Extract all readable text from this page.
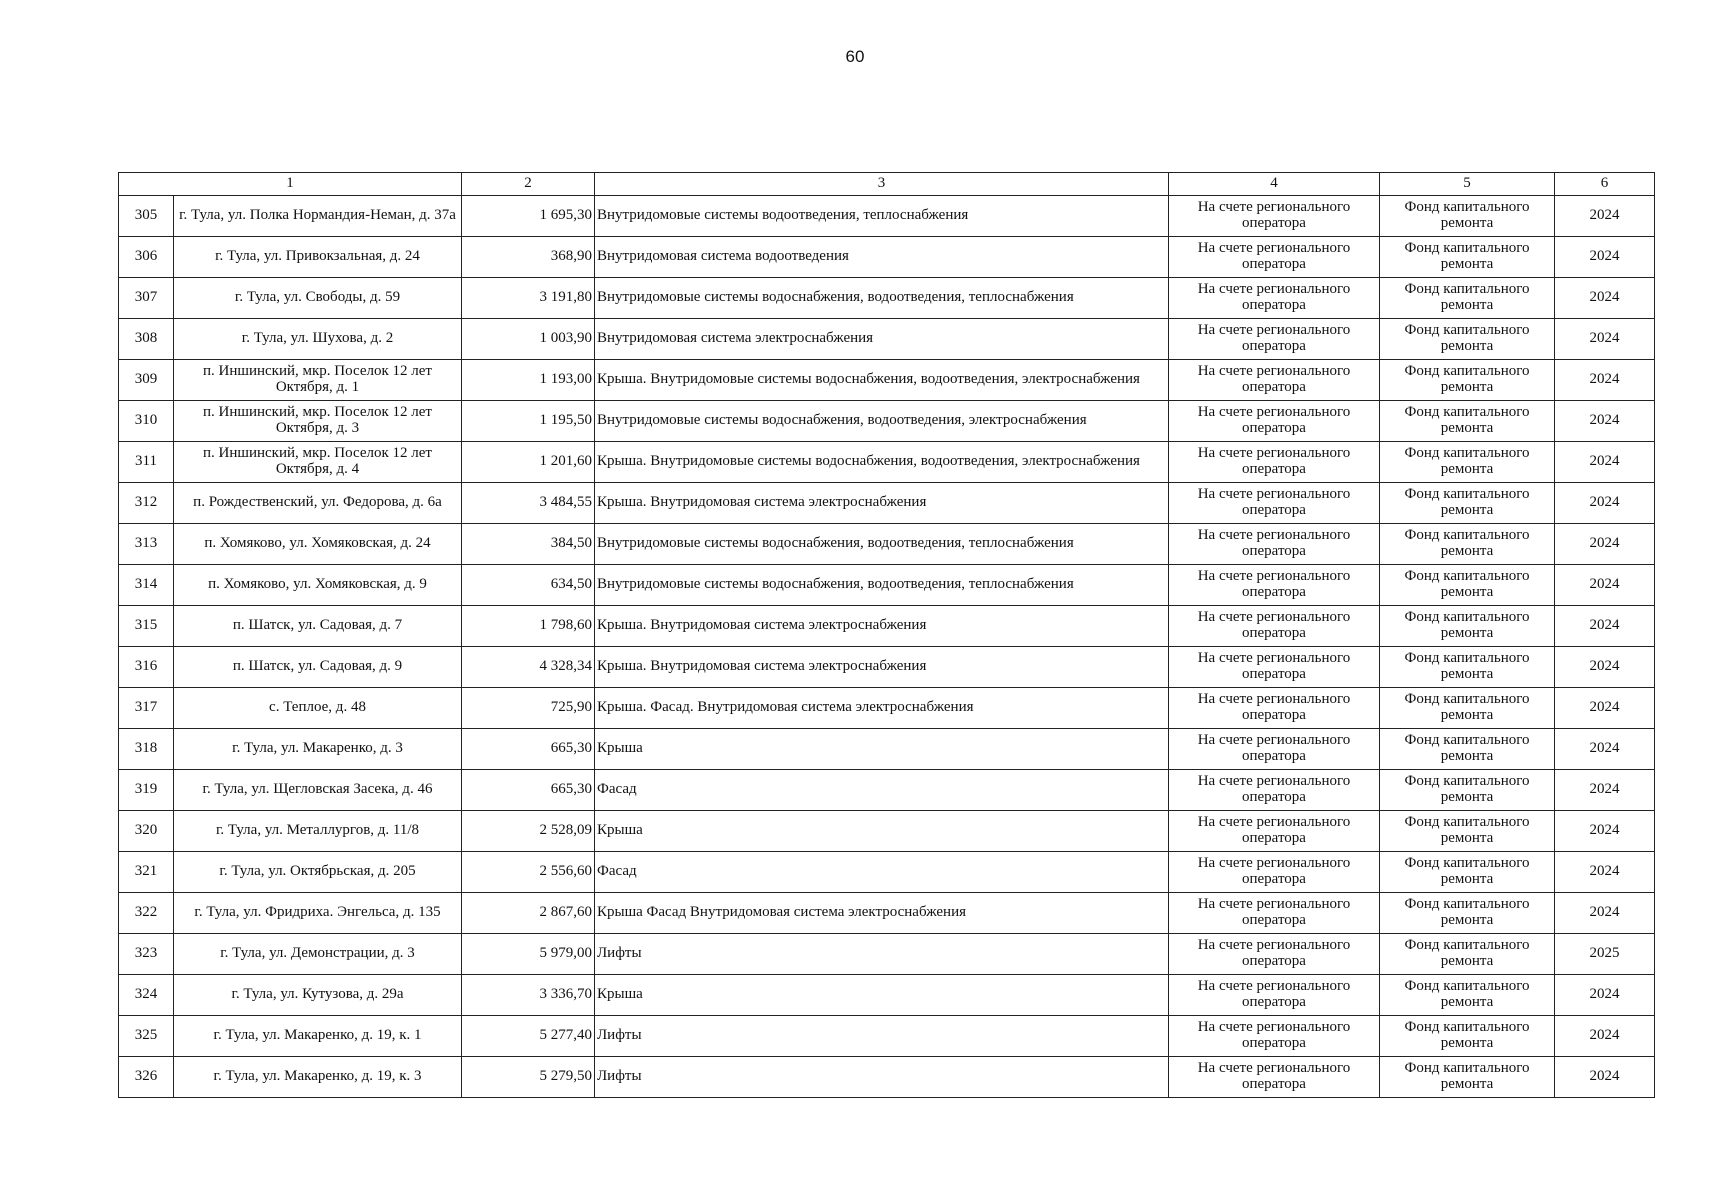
60
1		2	3	4	5	6
305	г. Тула, ул. Полка Нормандия-Неман, д. 37а	1 695,30	Внутридомовые системы водоотведения, теплоснабжения	На счете регионального оператора	Фонд капитального ремонта	2024
306	г. Тула, ул. Привокзальная, д. 24	368,90	Внутридомовая система водоотведения	На счете регионального оператора	Фонд капитального ремонта	2024
307	г. Тула, ул. Свободы, д. 59	3 191,80	Внутридомовые системы водоснабжения, водоотведения, теплоснабжения	На счете регионального оператора	Фонд капитального ремонта	2024
308	г. Тула, ул. Шухова, д. 2	1 003,90	Внутридомовая система электроснабжения	На счете регионального оператора	Фонд капитального ремонта	2024
309	п. Иншинский, мкр. Поселок 12 лет Октября, д. 1	1 193,00	Крыша. Внутридомовые системы водоснабжения, водоотведения, электроснабжения	На счете регионального оператора	Фонд капитального ремонта	2024
310	п. Иншинский, мкр. Поселок 12 лет Октября, д. 3	1 195,50	Внутридомовые системы водоснабжения, водоотведения, электроснабжения	На счете регионального оператора	Фонд капитального ремонта	2024
311	п. Иншинский, мкр. Поселок 12 лет Октября, д. 4	1 201,60	Крыша. Внутридомовые системы водоснабжения, водоотведения, электроснабжения	На счете регионального оператора	Фонд капитального ремонта	2024
312	п. Рождественский, ул. Федорова, д. 6а	3 484,55	Крыша. Внутридомовая система электроснабжения	На счете регионального оператора	Фонд капитального ремонта	2024
313	п. Хомяково, ул. Хомяковская, д. 24	384,50	Внутридомовые системы водоснабжения, водоотведения, теплоснабжения	На счете регионального оператора	Фонд капитального ремонта	2024
314	п. Хомяково, ул. Хомяковская, д. 9	634,50	Внутридомовые системы водоснабжения, водоотведения, теплоснабжения	На счете регионального оператора	Фонд капитального ремонта	2024
315	п. Шатск, ул. Садовая, д. 7	1 798,60	Крыша. Внутридомовая система электроснабжения	На счете регионального оператора	Фонд капитального ремонта	2024
316	п. Шатск, ул. Садовая, д. 9	4 328,34	Крыша. Внутридомовая система электроснабжения	На счете регионального оператора	Фонд капитального ремонта	2024
317	с. Теплое, д. 48	725,90	Крыша. Фасад. Внутридомовая система электроснабжения	На счете регионального оператора	Фонд капитального ремонта	2024
318	г. Тула, ул. Макаренко, д. 3	665,30	Крыша	На счете регионального оператора	Фонд капитального ремонта	2024
319	г. Тула, ул. Щегловская Засека, д. 46	665,30	Фасад	На счете регионального оператора	Фонд капитального ремонта	2024
320	г. Тула, ул. Металлургов, д. 11/8	2 528,09	Крыша	На счете регионального оператора	Фонд капитального ремонта	2024
321	г. Тула, ул. Октябрьская, д. 205	2 556,60	Фасад	На счете регионального оператора	Фонд капитального ремонта	2024
322	г. Тула, ул. Фридриха. Энгельса, д. 135	2 867,60	Крыша Фасад Внутридомовая система электроснабжения	На счете регионального оператора	Фонд капитального ремонта	2024
323	г. Тула, ул. Демонстрации, д. 3	5 979,00	Лифты	На счете регионального оператора	Фонд капитального ремонта	2025
324	г. Тула, ул. Кутузова, д. 29а	3 336,70	Крыша	На счете регионального оператора	Фонд капитального ремонта	2024
325	г. Тула, ул. Макаренко, д. 19, к. 1	5 277,40	Лифты	На счете регионального оператора	Фонд капитального ремонта	2024
326	г. Тула, ул. Макаренко, д. 19, к. 3	5 279,50	Лифты	На счете регионального оператора	Фонд капитального ремонта	2024
